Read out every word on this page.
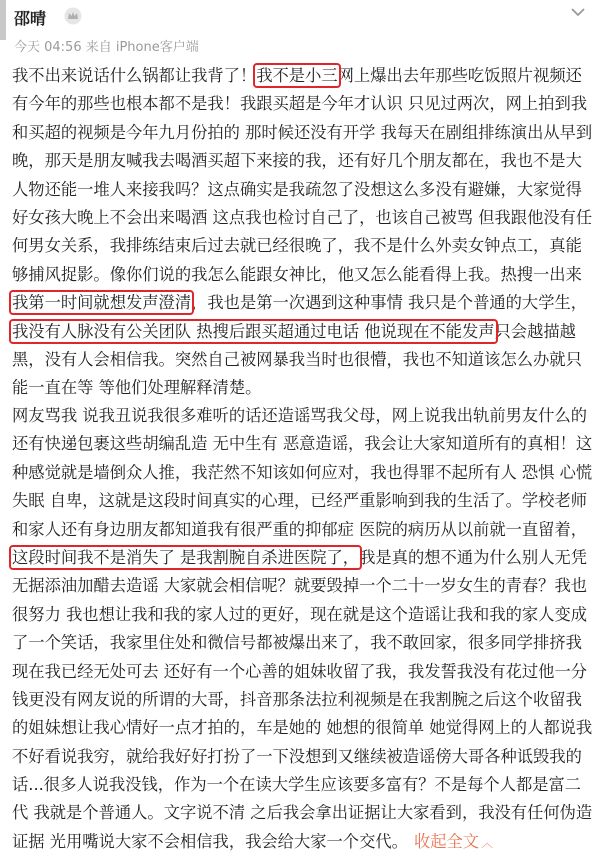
邵晴
今天 04:56 来自 iPhone客户端
我不出来说话什么锅都让我背了！我不是小三网上爆出去年那些吃饭照片视频还
有今年的那些也根本都不是我！我跟买超是今年才认识 只见过两次，网上拍到我
和买超的视频是今年九月份拍的 那时候还没有开学 我每天在剧组排练演出从早到
晚，那天是朋友喊我去喝酒买超下来接的我，还有好几个朋友都在，我也不是大
人物还能一堆人来接我吗？这点确实是我疏忽了没想这么多没有避嫌，大家觉得
好女孩大晚上不会出来喝酒 这点我也检讨自己了，也该自己被骂 但我跟他没有任
何男女关系，我排练结束后过去就已经很晚了，我不是什么外卖女钟点工，真能
够捕风捉影。像你们说的我怎么能跟女神比，他又怎么能看得上我。热搜一出来
我第一时间就想发声澄清，我也是第一次遇到这种事情 我只是个普通的大学生，
我没有人脉没有公关团队 热搜后跟买超通过电话 他说现在不能发声只会越描越
黑，没有人会相信我。突然自己被网暴我当时也很懵，我也不知道该怎么办就只
能一直在等 等他们处理解释清楚。
网友骂我 说我丑说我很多难听的话还造谣骂我父母，网上说我出轨前男友什么的
还有快递包裹这些胡编乱造 无中生有 恶意造谣，我会让大家知道所有的真相！这
种感觉就是墙倒众人推，我茫然不知该如何应对，我也得罪不起所有人 恐惧 心慌
失眠 自卑，这就是这段时间真实的心理，已经严重影响到我的生活了。学校老师
和家人还有身边朋友都知道我有很严重的抑郁症 医院的病历从以前就一直留着，
这段时间我不是消失了 是我割腕自杀进医院了，我是真的想不通为什么别人无凭
无据添油加醋去造谣 大家就会相信呢？就要毁掉一个二十一岁女生的青春？我也
很努力 我也想让我和我的家人过的更好，现在就是这个造谣让我和我的家人变成
了一个笑话，我家里住处和微信号都被爆出来了，我不敢回家，很多同学排挤我
现在我已经无处可去 还好有一个心善的姐妹收留了我，我发誓我没有花过他一分
钱更没有网友说的所谓的大哥，抖音那条法拉利视频是在我割腕之后这个收留我
的姐妹想让我心情好一点才拍的，车是她的 她想的很简单 她觉得网上的人都说我
不好看说我穷，就给我好好打扮了一下没想到又继续被造谣傍大哥各种诋毁我的
话...很多人说我没钱，作为一个在读大学生应该要多富有？不是每个人都是富二
代 我就是个普通人。文字说不清 之后我会拿出证据让大家看到，我没有任何伪造
证据 光用嘴说大家不会相信我，我会给大家一个交代。 收起全文 ︿
